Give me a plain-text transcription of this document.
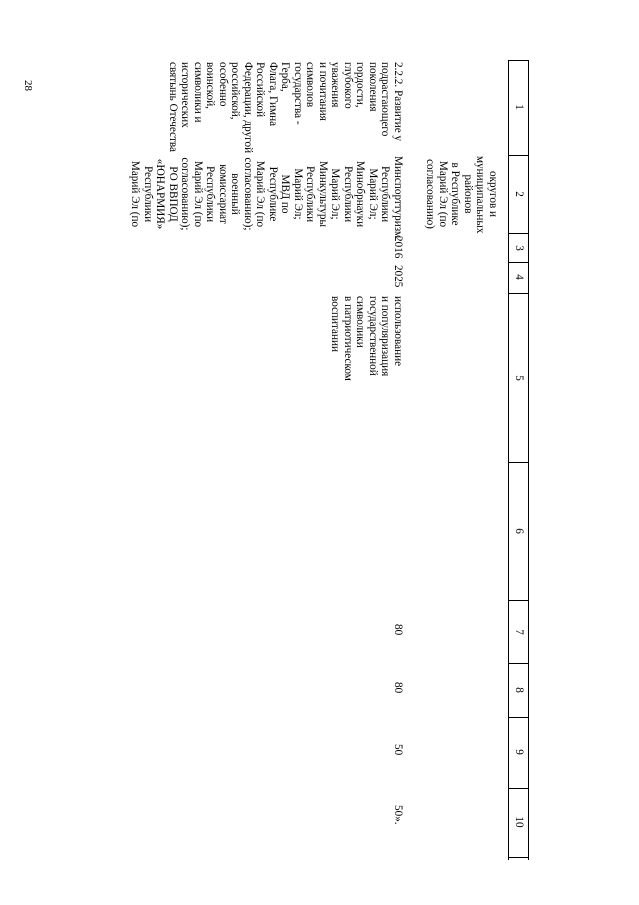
28
1
2
3
4
5
6
7
8
9
10
округов и
муниципальных
районов
в Республике
Марий Эл (по
согласованию)
2.2.2. Развитие у
подрастающего
поколения гордости,
глубокого уважения
и почитания
символов
государства - Герба,
Флага, Гимна
Российской
Федерации, другой
российской,
особенно воинской,
символики и
исторических
святынь Отечества
Минспорттуризм
Республики
Марий Эл;
Минобрнауки
Республики
Марий Эл;
Минкультуры
Республики
Марий Эл;
МВД по
Республике
Марий Эл (по
согласованию);
военный
комиссариат
Республики
Марий Эл (по
согласованию);
РО ВВПОД
«ЮНАРМИЯ»
Республики
Марий Эл (по
2016
2025
использование
и популяризация
государственной
символики
в патриотическом
воспитании
80
80
50
50».
